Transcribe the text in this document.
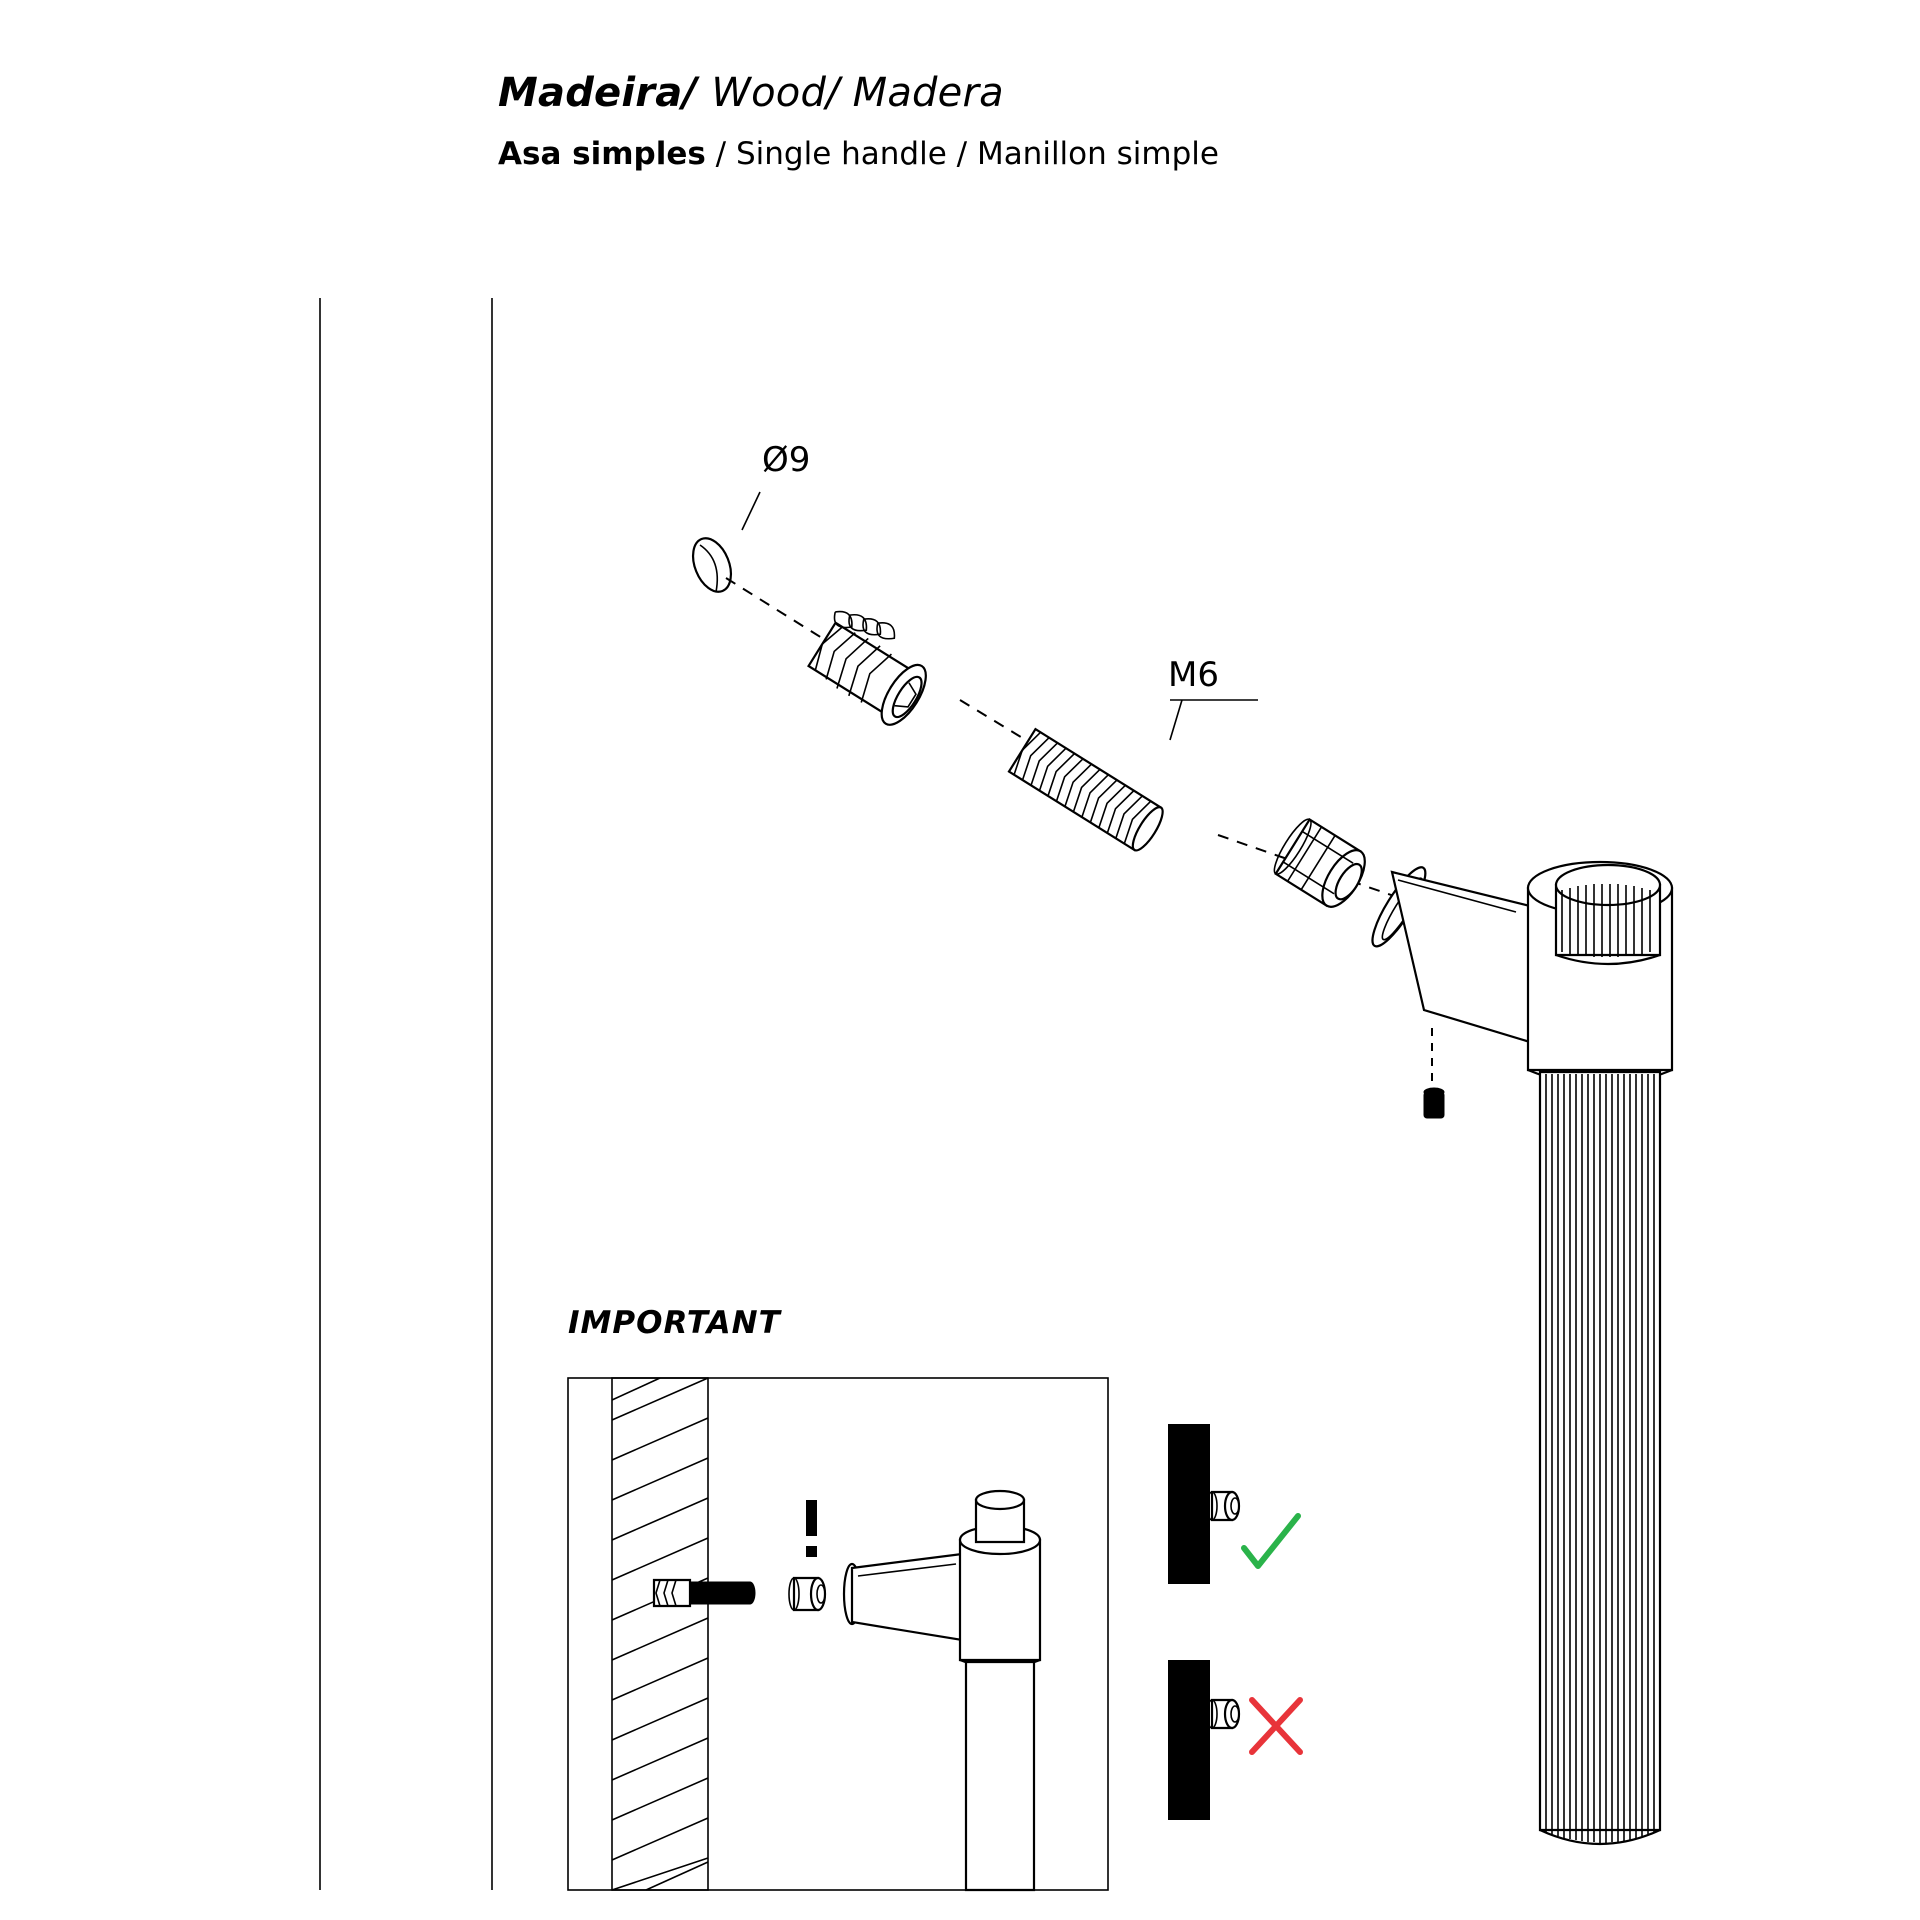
Madeira/ Wood/ Madera
Asa simples / Single handle / Manillon simple
Ø9
M6
IMPORTANT
